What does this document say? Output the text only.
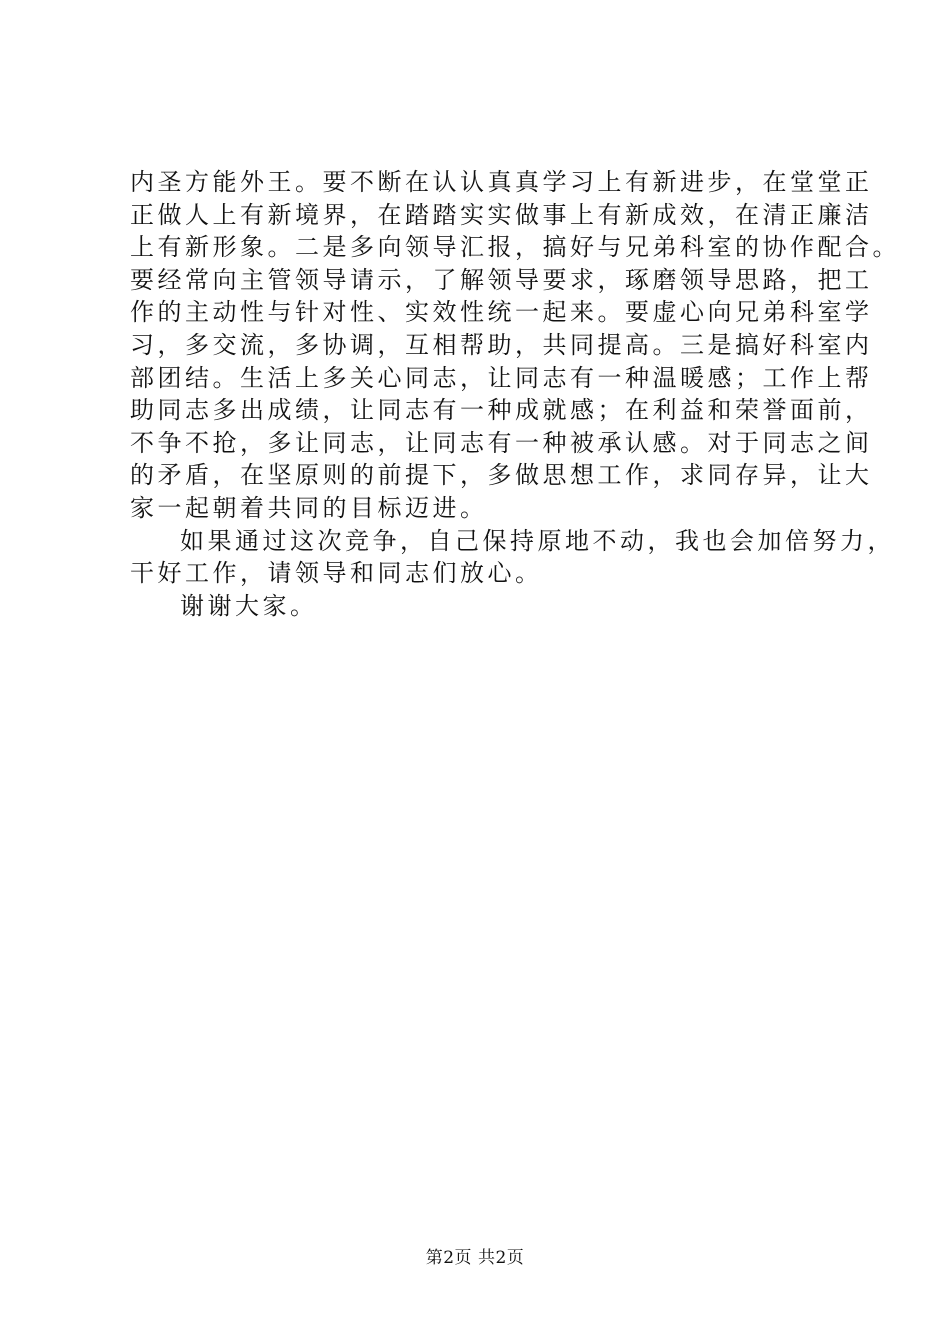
内圣方能外王。要不断在认认真真学习上有新进步，在堂堂正
正做人上有新境界，在踏踏实实做事上有新成效，在清正廉洁
上有新形象。二是多向领导汇报，搞好与兄弟科室的协作配合。
要经常向主管领导请示，了解领导要求，琢磨领导思路，把工
作的主动性与针对性、实效性统一起来。要虚心向兄弟科室学
习，多交流，多协调，互相帮助，共同提高。三是搞好科室内
部团结。生活上多关心同志，让同志有一种温暖感；工作上帮
助同志多出成绩，让同志有一种成就感；在利益和荣誉面前，
不争不抢，多让同志，让同志有一种被承认感。对于同志之间
的矛盾，在坚原则的前提下，多做思想工作，求同存异，让大
家一起朝着共同的目标迈进。
如果通过这次竞争，自己保持原地不动，我也会加倍努力，
干好工作，请领导和同志们放心。
谢谢大家。
第2页 共2页
